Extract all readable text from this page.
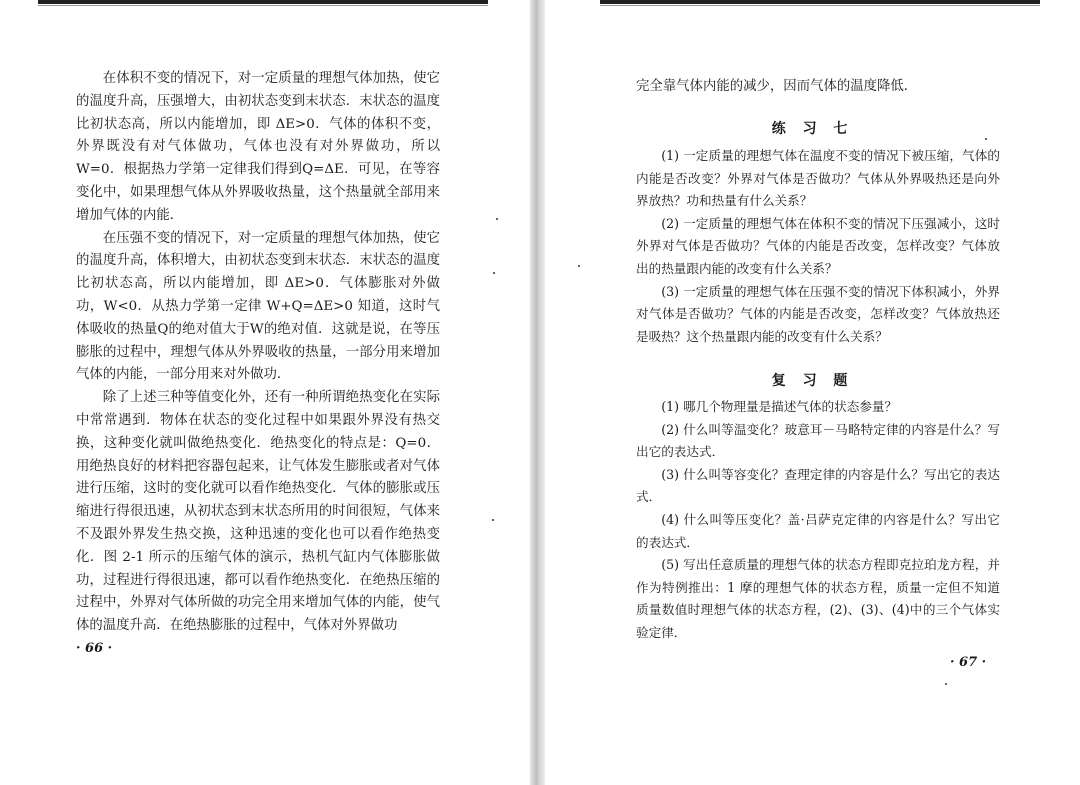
在体积不变的情况下，对一定质量的理想气体加热，使它的温度升高，压强增大，由初状态变到末状态．末状态的温度比初状态高，所以内能增加，即 ΔE>0．气体的体积不变，外界既没有对气体做功，气体也没有对外界做功，所以 W=0．根据热力学第一定律我们得到Q=ΔE．可见，在等容变化中，如果理想气体从外界吸收热量，这个热量就全部用来增加气体的内能．

在压强不变的情况下，对一定质量的理想气体加热，使它的温度升高，体积增大，由初状态变到末状态．末状态的温度比初状态高，所以内能增加，即 ΔE>0．气体膨胀对外做功，W<0．从热力学第一定律 W+Q=ΔE>0 知道，这时气体吸收的热量Q的绝对值大于W的绝对值．这就是说，在等压膨胀的过程中，理想气体从外界吸收的热量，一部分用来增加气体的内能，一部分用来对外做功．

除了上述三种等值变化外，还有一种所谓绝热变化在实际中常常遇到．物体在状态的变化过程中如果跟外界没有热交换，这种变化就叫做绝热变化．绝热变化的特点是：Q=0．用绝热良好的材料把容器包起来，让气体发生膨胀或者对气体进行压缩，这时的变化就可以看作绝热变化．气体的膨胀或压缩进行得很迅速，从初状态到末状态所用的时间很短，气体来不及跟外界发生热交换，这种迅速的变化也可以看作绝热变化．图 2-1 所示的压缩气体的演示，热机气缸内气体膨胀做功，过程进行得很迅速，都可以看作绝热变化．在绝热压缩的过程中，外界对气体所做的功完全用来增加气体的内能，使气体的温度升高．在绝热膨胀的过程中，气体对外界做功

· 66 ·

完全靠气体内能的减少，因而气体的温度降低．

练习七

(1) 一定质量的理想气体在温度不变的情况下被压缩，气体的内能是否改变？外界对气体是否做功？气体从外界吸热还是向外界放热？功和热量有什么关系？

(2) 一定质量的理想气体在体积不变的情况下压强减小，这时外界对气体是否做功？气体的内能是否改变，怎样改变？气体放出的热量跟内能的改变有什么关系？

(3) 一定质量的理想气体在压强不变的情况下体积减小，外界对气体是否做功？气体的内能是否改变，怎样改变？气体放热还是吸热？这个热量跟内能的改变有什么关系？

复习题

(1) 哪几个物理量是描述气体的状态参量？

(2) 什么叫等温变化？玻意耳－马略特定律的内容是什么？写出它的表达式．

(3) 什么叫等容变化？查理定律的内容是什么？写出它的表达式．

(4) 什么叫等压变化？盖·吕萨克定律的内容是什么？写出它的表达式．

(5) 写出任意质量的理想气体的状态方程即克拉珀龙方程，并作为特例推出：1 摩的理想气体的状态方程，质量一定但不知道质量数值时理想气体的状态方程，(2)、(3)、(4)中的三个气体实验定律．

· 67 ·
